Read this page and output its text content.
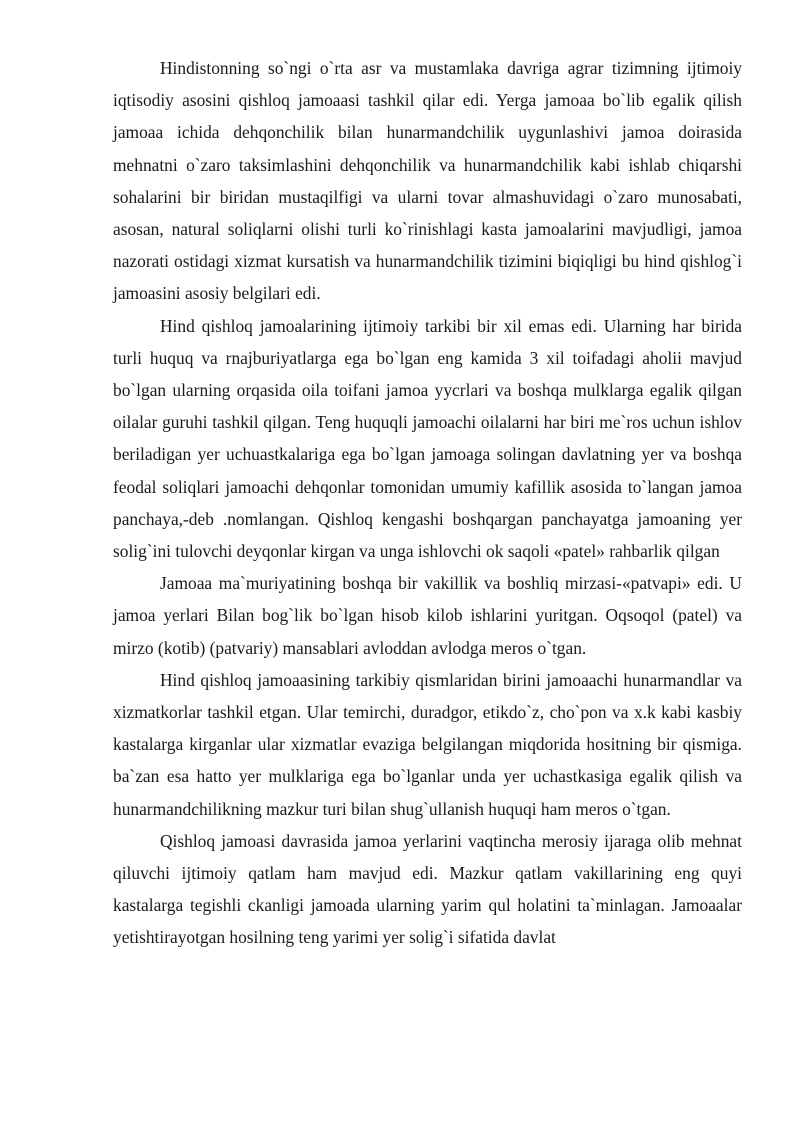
Hindistonning so`ngi o`rta asr va mustamlaka davriga agrar tizimning ijtimoiy iqtisodiy asosini qishloq jamoaasi tashkil qilar edi. Yerga jamoaa bo`lib egalik qilish jamoaa ichida dehqonchilik bilan hunarmandchilik uygunlashivi jamoa doirasida mehnatni o`zaro taksimlashini dehqonchilik va hunarmandchilik kabi ishlab chiqarshi sohalarini bir biridan mustaqilfigi va ularni tovar almashuvidagi o`zaro munosabati, asosan, natural soliqlarni olishi turli ko`rinishlagi kasta jamoalarini mavjudligi, jamoa nazorati ostidagi xizmat kursatish va hunarmandchilik tizimini biqiqligi bu hind qishlog`i jamoasini asosiy belgilari edi.

Hind qishloq jamoalarining ijtimoiy tarkibi bir xil emas edi. Ularning har birida turli huquq va rnajburiyatlarga ega bo`lgan eng kamida 3 xil toifadagi aholii mavjud bo`lgan ularning orqasida oila toifani jamoa yycrlari va boshqa mulklarga egalik qilgan oilalar guruhi tashkil qilgan. Teng huquqli jamoachi oilalarni har biri me`ros uchun ishlov beriladigan yer uchuastkalariga ega bo`lgan jamoaga solingan davlatning yer va boshqa feodal soliqlari jamoachi dehqonlar tomonidan umumiy kafillik asosida to`langan jamoa panchaya,-deb .nomlangan. Qishloq kengashi boshqargan panchayatga jamoaning yer solig`ini tulovchi deyqonlar kirgan va unga ishlovchi ok saqoli «patel» rahbarlik qilgan

Jamoaa ma`muriyatining boshqa bir vakillik va boshliq mirzasi-«patvapi» edi. U jamoa yerlari Bilan bog`lik bo`lgan hisob kilob ishlarini yuritgan. Oqsoqol (patel) va mirzo (kotib) (patvariy) mansablari avloddan avlodga meros o`tgan.

Hind qishloq jamoaasining tarkibiy qismlaridan birini jamoaachi hunarmandlar va xizmatkorlar tashkil etgan. Ular temirchi, duradgor, etikdo`z, cho`pon va x.k kabi kasbiy kastalarga kirganlar ular xizmatlar evaziga belgilangan miqdorida hositning bir qismiga. ba`zan esa hatto yer mulklariga ega bo`lganlar unda yer uchastkasiga egalik qilish va hunarmandchilikning mazkur turi bilan shug`ullanish huquqi ham meros o`tgan.

Qishloq jamoasi davrasida jamoa yerlarini vaqtincha merosiy ijaraga olib mehnat qiluvchi ijtimoiy qatlam ham mavjud edi. Mazkur qatlam vakillarining eng quyi kastalarga tegishli ckanligi jamoada ularning yarim qul holatini ta`minlagan. Jamoaalar yetishtirayotgan hosilning teng yarimi yer solig`i sifatida davlat
